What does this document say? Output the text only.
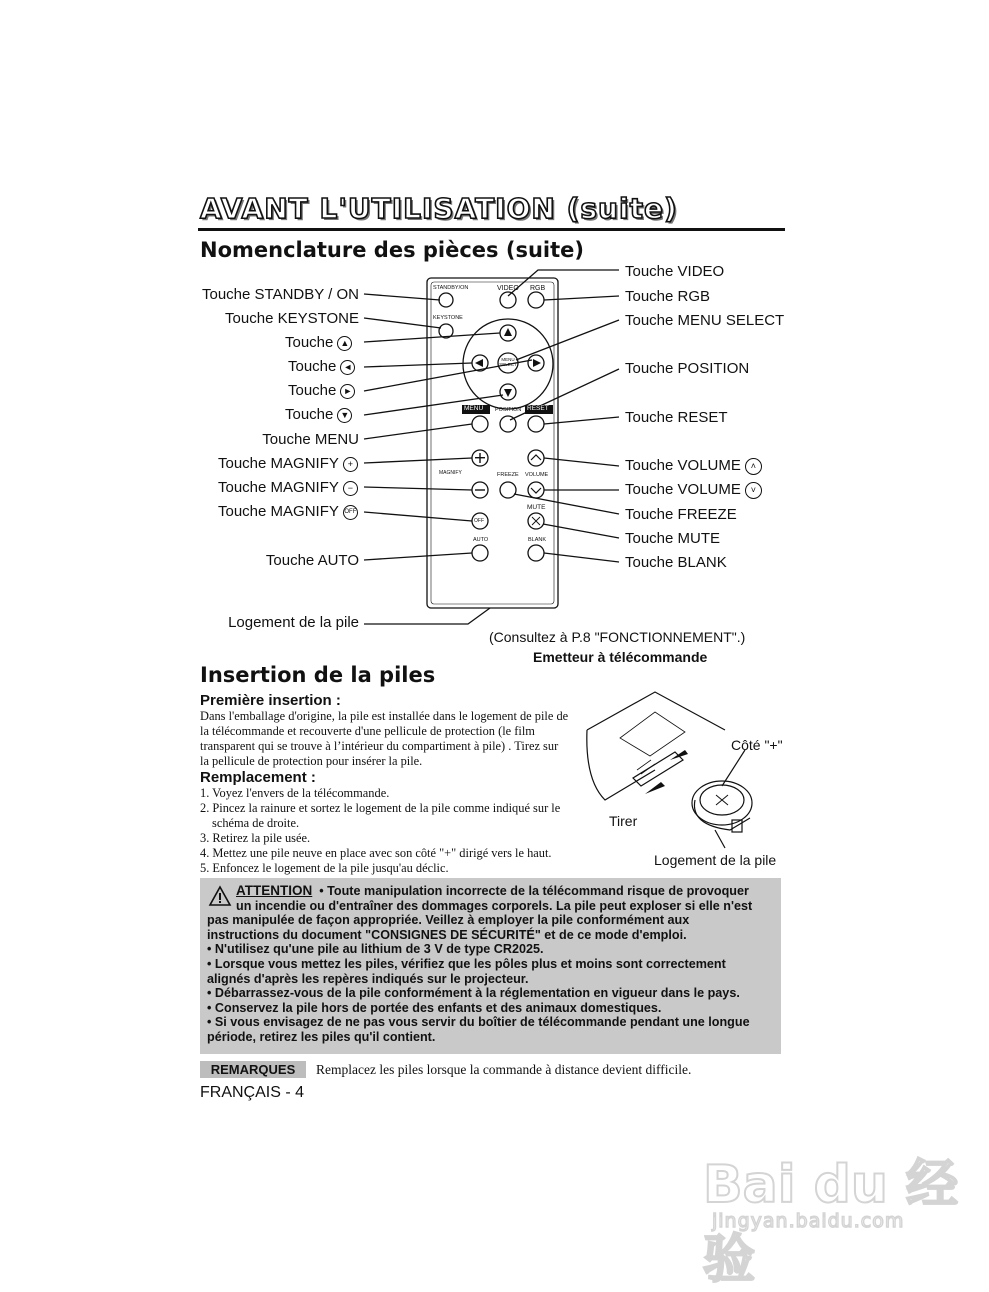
AVANT L'UTILISATION (suite)
Nomenclature des pièces (suite)
Touche STANDBY / ON
Touche KEYSTONE
Touche ▲
Touche ◄
Touche ►
Touche ▼
Touche MENU
Touche MAGNIFY +
Touche MAGNIFY −
Touche MAGNIFY OFF
Touche AUTO
Logement de la pile
Touche VIDEO
Touche RGB
Touche MENU SELECT
Touche POSITION
Touche RESET
Touche VOLUME ˄
Touche VOLUME ˅
Touche FREEZE
Touche MUTE
Touche BLANK
STANDBY/ON	VIDEO RGB
KEYSTONE
MENU SELECT
MENU POSITION RESET
MAGNIFY	FREEZE VOLUME
MUTE
OFF
AUTO	BLANK
(Consultez à P.8 "FONCTIONNEMENT".)
Emetteur à télécommande
Insertion de la piles
Première insertion :
Dans l'emballage d'origine, la pile est installée dans le logement de pile de
la télécommande et recouverte d'une pellicule de protection (le film
transparent qui se trouve à l’intérieur du compartiment à pile) . Tirez sur
la pellicule de protection pour insérer la pile.
Remplacement :
1. Voyez l'envers de la télécommande.
2. Pincez la rainure et sortez le logement de la pile comme indiqué sur le
schéma de droite.
3. Retirez la pile usée.
4. Mettez une pile neuve en place avec son côté "+" dirigé vers le haut.
5. Enfoncez le logement de la pile jusqu'au déclic.
Côté "+"
Tirer
Logement de la pile
ATTENTION • Toute manipulation incorrecte de la télécommand risque de provoquer
un incendie ou d'entraîner des dommages corporels. La pile peut exploser si elle n'est
pas manipulée de façon appropriée. Veillez à employer la pile conformément aux
instructions du document "CONSIGNES DE SÉCURITÉ" et de ce mode d'emploi.
• N'utilisez qu'une pile au lithium de 3 V de type CR2025.
• Lorsque vous mettez les piles, vérifiez que les pôles plus et moins sont correctement
alignés d'après les repères indiqués sur le projecteur.
• Débarrassez-vous de la pile conformément à la réglementation en vigueur dans le pays.
• Conservez la pile hors de portée des enfants et des animaux domestiques.
• Si vous envisagez de ne pas vous servir du boîtier de télécommande pendant une longue
période, retirez les piles qu'il contient.
REMARQUES	Remplacez les piles lorsque la commande à distance devient difficile.
FRANÇAIS - 4
Bai du 经验
jingyan.baidu.com
